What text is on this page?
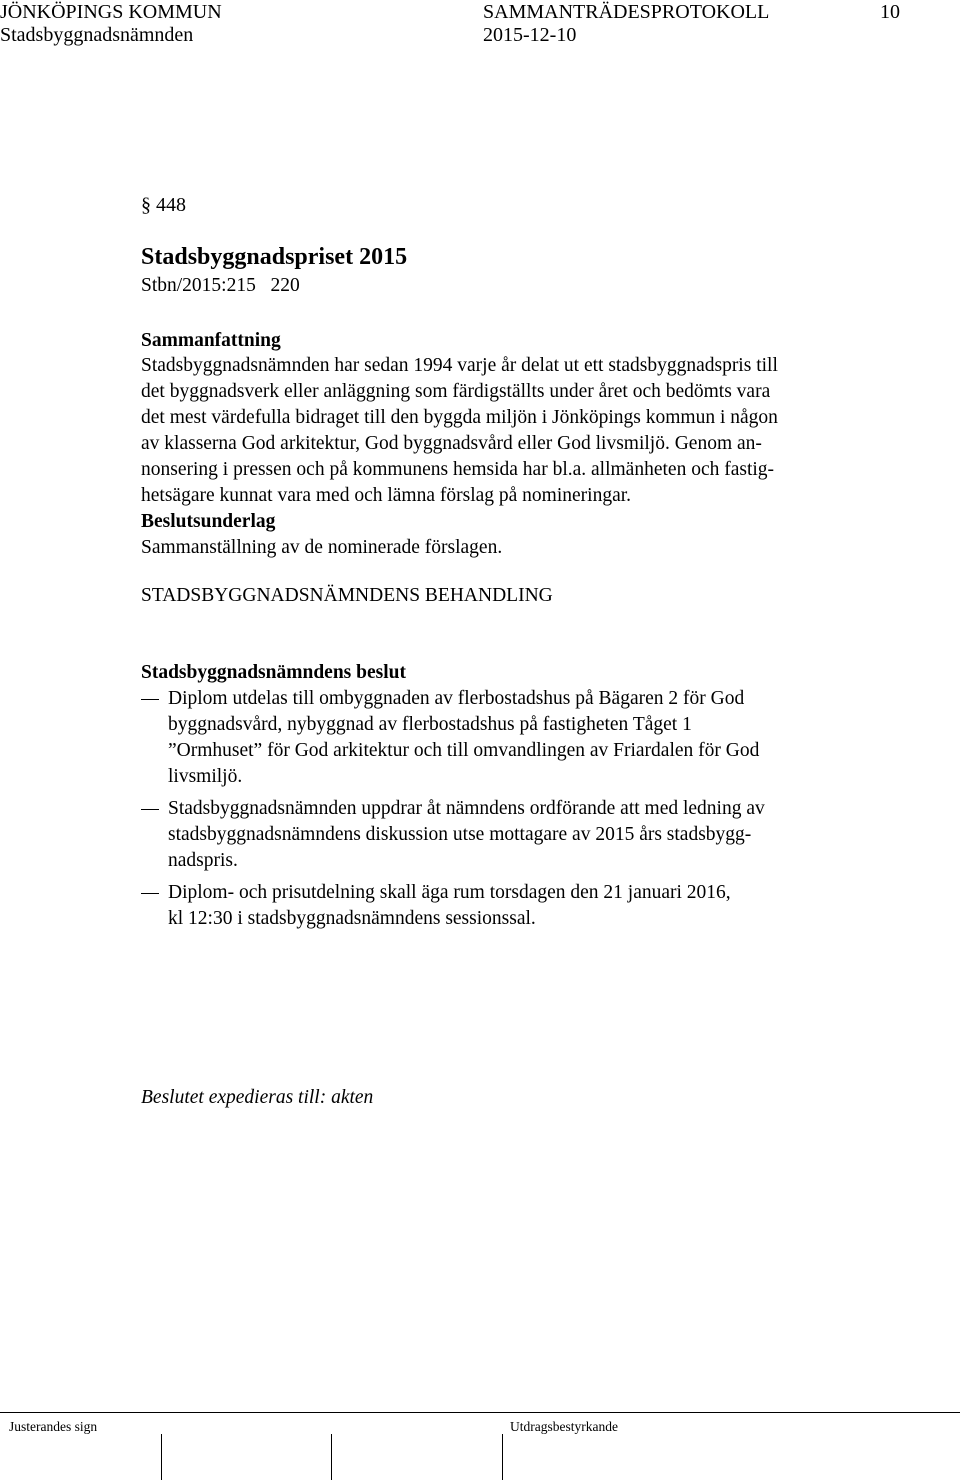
JÖNKÖPINGS KOMMUN	SAMMANTRÄDESPROTOKOLL	10
Stadsbyggnadsnämnden	2015-12-10
§ 448
Stadsbyggnadspriset 2015
Stbn/2015:215   220
Sammanfattning
Stadsbyggnadsnämnden har sedan 1994 varje år delat ut ett stadsbyggnadspris till
det byggnadsverk eller anläggning som färdigställts under året och bedömts vara
det mest värdefulla bidraget till den byggda miljön i Jönköpings kommun i någon
av klasserna God arkitektur, God byggnadsvård eller God livsmiljö. Genom an-
nonsering i pressen och på kommunens hemsida har bl.a. allmänheten och fastig-
hetsägare kunnat vara med och lämna förslag på nomineringar.
Beslutsunderlag
Sammanställning av de nominerade förslagen.
STADSBYGGNADSNÄMNDENS BEHANDLING
Stadsbyggnadsnämndens beslut
Diplom utdelas till ombyggnaden av flerbostadshus på Bägaren 2 för God
byggnadsvård, nybyggnad av flerbostadshus på fastigheten Tåget 1
”Ormhuset” för God arkitektur och till omvandlingen av Friardalen för God
livsmiljö.
Stadsbyggnadsnämnden uppdrar åt nämndens ordförande att med ledning av
stadsbyggnadsnämndens diskussion utse mottagare av 2015 års stadsbygg-
nadspris.
Diplom- och prisutdelning skall äga rum torsdagen den 21 januari 2016,
kl 12:30 i stadsbyggnadsnämndens sessionssal.
Beslutet expedieras till: akten
Justerandes sign	Utdragsbestyrkande
